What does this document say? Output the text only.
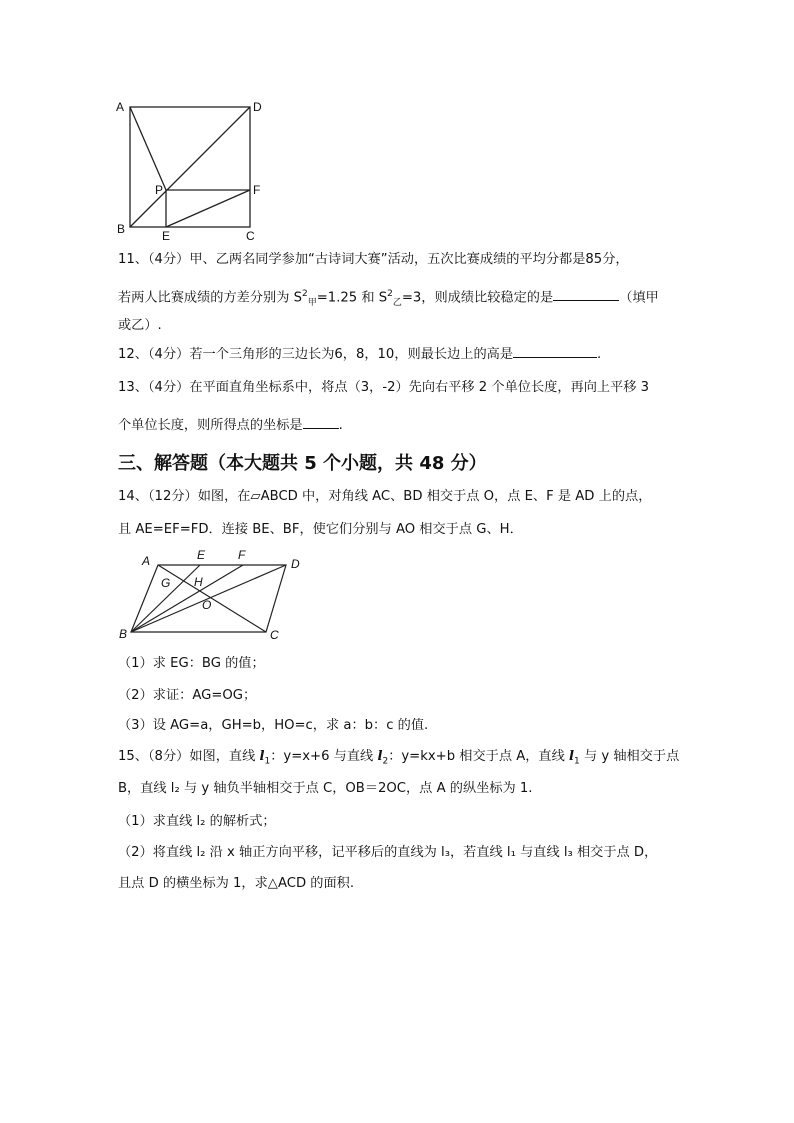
A	D
P	F
B	E	C
11、（4分）甲、乙两名同学参加“古诗词大赛”活动，五次比赛成绩的平均分都是85分，
若两人比赛成绩的方差分别为 $S^2_甲=1.25$ 和 $S^2_乙=3$，则成绩比较稳定的是	（填甲
或乙）.
12、（4分）若一个三角形的三边长为6，8，10，则最长边上的高是	.
13、（4分）在平面直角坐标系中，将点（3，-2）先向右平移 2 个单位长度，再向上平移 3
个单位长度，则所得点的坐标是	.
三、解答题（本大题共 5 个小题，共 48 分）
14、（12分）如图，在▱ABCD 中，对角线 AC、BD 相交于点 O，点 E、F 是 AD 上的点，
且 AE=EF=FD．连接 BE、BF，使它们分别与 AO 相交于点 G、H．
A	E	F
D
G H
O
B	C
（1）求 EG：BG 的值；
（2）求证：AG=OG；
（3）设 AG=a，GH=b，HO=c，求 a：b：c 的值.
15、（8分）如图，直线 $l_1$：y=x+6 与直线 $l_2$：y=kx+b 相交于点 A，直线 $l_1$ 与 y 轴相交于点
B，直线 l₂ 与 y 轴负半轴相交于点 C，OB＝2OC，点 A 的纵坐标为 1.
（1）求直线 l₂ 的解析式；
（2）将直线 l₂ 沿 x 轴正方向平移，记平移后的直线为 l₃，若直线 l₁ 与直线 l₃ 相交于点 D，
且点 D 的横坐标为 1，求△ACD 的面积.
